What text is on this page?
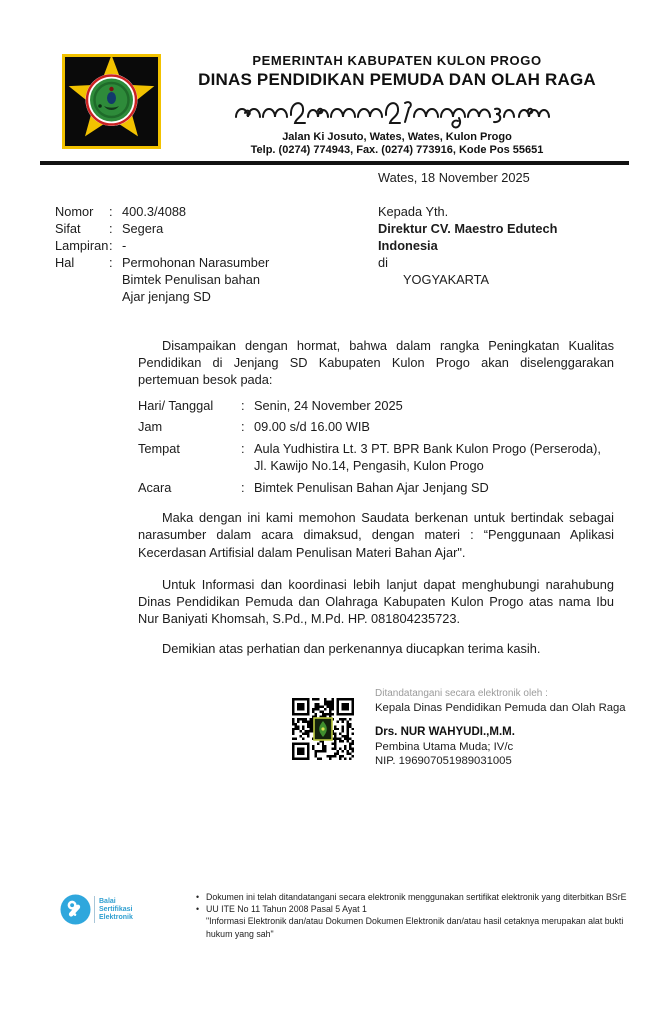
PEMERINTAH KABUPATEN KULON PROGO
DINAS PENDIDIKAN PEMUDA DAN OLAH RAGA
Jalan Ki Josuto, Wates, Wates, Kulon Progo
Telp. (0274) 774943, Fax. (0274) 773916, Kode Pos 55651
Wates, 18 November 2025
Nomor	: 400.3/4088
Sifat	: Segera
Lampiran : -
Hal	: Permohonan Narasumber
Bimtek Penulisan bahan
Ajar jenjang SD
Kepada Yth.
Direktur CV. Maestro Edutech
Indonesia
di
YOGYAKARTA

Disampaikan dengan hormat, bahwa dalam rangka Peningkatan Kualitas Pendidikan di Jenjang SD Kabupaten Kulon Progo akan diselenggarakan pertemuan besok pada:

Hari/ Tanggal	: Senin, 24 November 2025
Jam	: 09.00 s/d 16.00 WIB
Tempat	: Aula Yudhistira Lt. 3 PT. BPR Bank Kulon Progo (Perseroda),
Jl. Kawijo No.14, Pengasih, Kulon Progo
Acara	: Bimtek Penulisan Bahan Ajar Jenjang SD

Maka dengan ini kami memohon Saudata berkenan untuk bertindak sebagai narasumber dalam acara dimaksud, dengan materi : “Penggunaan Aplikasi Kecerdasan Artifisial dalam Penulisan Materi Bahan Ajar".

Untuk Informasi dan koordinasi lebih lanjut dapat menghubungi narahubung Dinas Pendidikan Pemuda dan Olahraga Kabupaten Kulon Progo atas nama Ibu Nur Baniyati Khomsah, S.Pd., M.Pd. HP. 081804235723.

Demikian atas perhatian dan perkenannya diucapkan terima kasih.

Ditandatangani secara elektronik oleh :
Kepala Dinas Pendidikan Pemuda dan Olah Raga
Drs. NUR WAHYUDI.,M.M.
Pembina Utama Muda; IV/c
NIP. 196907051989031005
Balai
Sertifikasi
Elektronik
• Dokumen ini telah ditandatangani secara elektronik menggunakan sertifikat elektronik yang diterbitkan BSrE
• UU ITE No 11 Tahun 2008 Pasal 5 Ayat 1
"Informasi Elektronik dan/atau Dokumen Dokumen Elektronik dan/atau hasil cetaknya merupakan alat bukti hukum yang sah"
